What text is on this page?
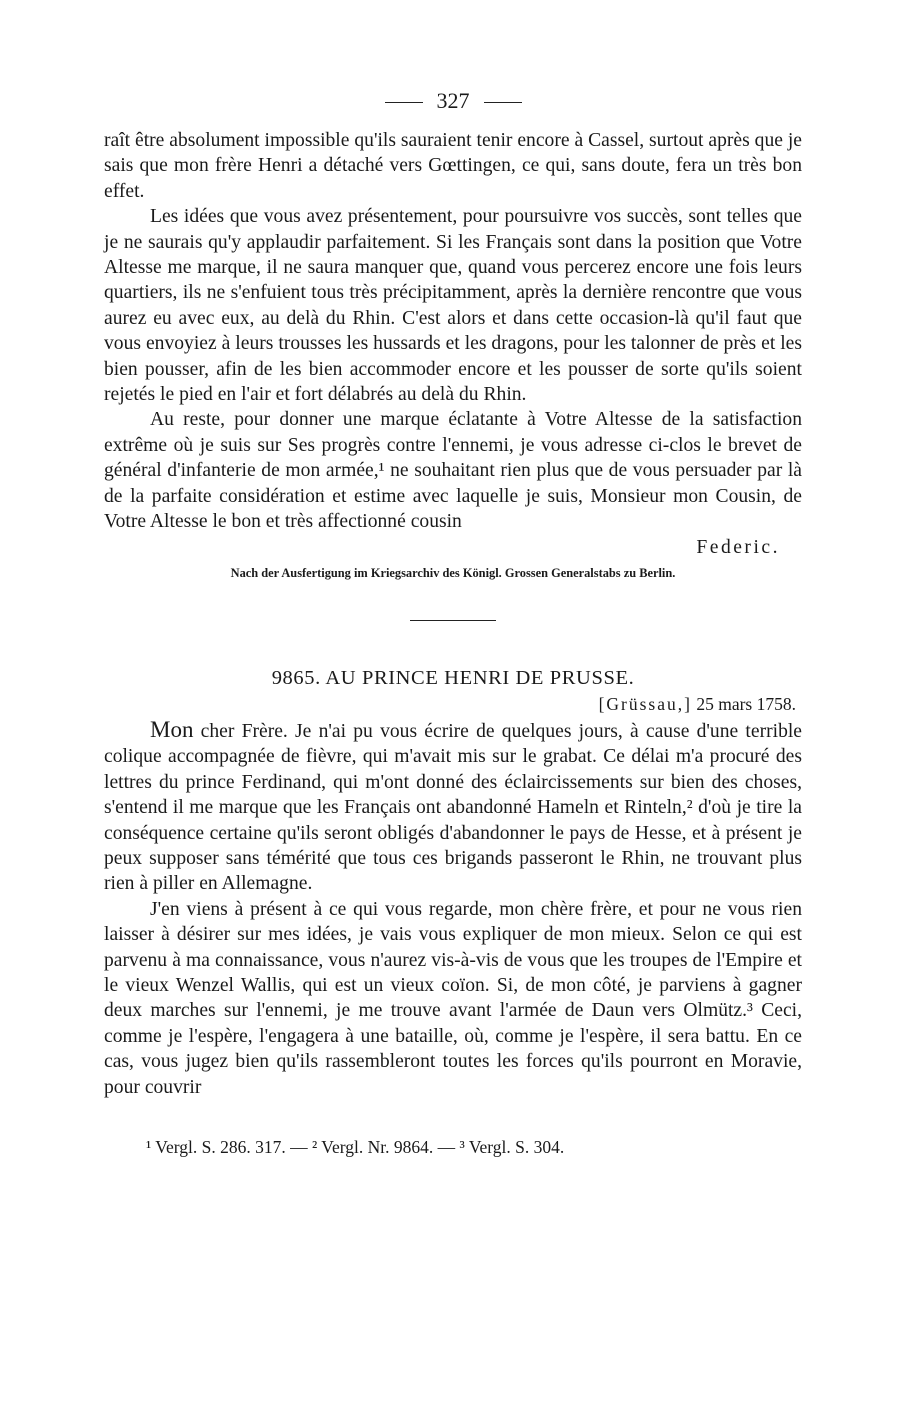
327

raît être absolument impossible qu'ils sauraient tenir encore à Cassel, surtout après que je sais que mon frère Henri a détaché vers Gœttingen, ce qui, sans doute, fera un très bon effet.

Les idées que vous avez présentement, pour poursuivre vos succès, sont telles que je ne saurais qu'y applaudir parfaitement. Si les Français sont dans la position que Votre Altesse me marque, il ne saura manquer que, quand vous percerez encore une fois leurs quartiers, ils ne s'enfuient tous très précipitamment, après la dernière rencontre que vous aurez eu avec eux, au delà du Rhin. C'est alors et dans cette occasion-là qu'il faut que vous envoyiez à leurs trousses les hussards et les dragons, pour les talonner de près et les bien pousser, afin de les bien accommoder encore et les pousser de sorte qu'ils soient rejetés le pied en l'air et fort délabrés au delà du Rhin.

Au reste, pour donner une marque éclatante à Votre Altesse de la satisfaction extrême où je suis sur Ses progrès contre l'ennemi, je vous adresse ci-clos le brevet de général d'infanterie de mon armée,¹ ne souhaitant rien plus que de vous persuader par là de la parfaite considération et estime avec laquelle je suis, Monsieur mon Cousin, de Votre Altesse le bon et très affectionné cousin

Federic.
Nach der Ausfertigung im Kriegsarchiv des Königl. Grossen Generalstabs zu Berlin.
9865. AU PRINCE HENRI DE PRUSSE.
[Grüssau,] 25 mars 1758.

Mon cher Frère. Je n'ai pu vous écrire de quelques jours, à cause d'une terrible colique accompagnée de fièvre, qui m'avait mis sur le grabat. Ce délai m'a procuré des lettres du prince Ferdinand, qui m'ont donné des éclaircissements sur bien des choses, s'entend il me marque que les Français ont abandonné Hameln et Rinteln,² d'où je tire la conséquence certaine qu'ils seront obligés d'abandonner le pays de Hesse, et à présent je peux supposer sans témérité que tous ces brigands passeront le Rhin, ne trouvant plus rien à piller en Allemagne.

J'en viens à présent à ce qui vous regarde, mon chère frère, et pour ne vous rien laisser à désirer sur mes idées, je vais vous expliquer de mon mieux. Selon ce qui est parvenu à ma connaissance, vous n'aurez vis-à-vis de vous que les troupes de l'Empire et le vieux Wenzel Wallis, qui est un vieux coïon. Si, de mon côté, je parviens à gagner deux marches sur l'ennemi, je me trouve avant l'armée de Daun vers Olmütz.³ Ceci, comme je l'espère, l'engagera à une bataille, où, comme je l'espère, il sera battu. En ce cas, vous jugez bien qu'ils rassembleront toutes les forces qu'ils pourront en Moravie, pour couvrir

¹ Vergl. S. 286. 317. — ² Vergl. Nr. 9864. — ³ Vergl. S. 304.
